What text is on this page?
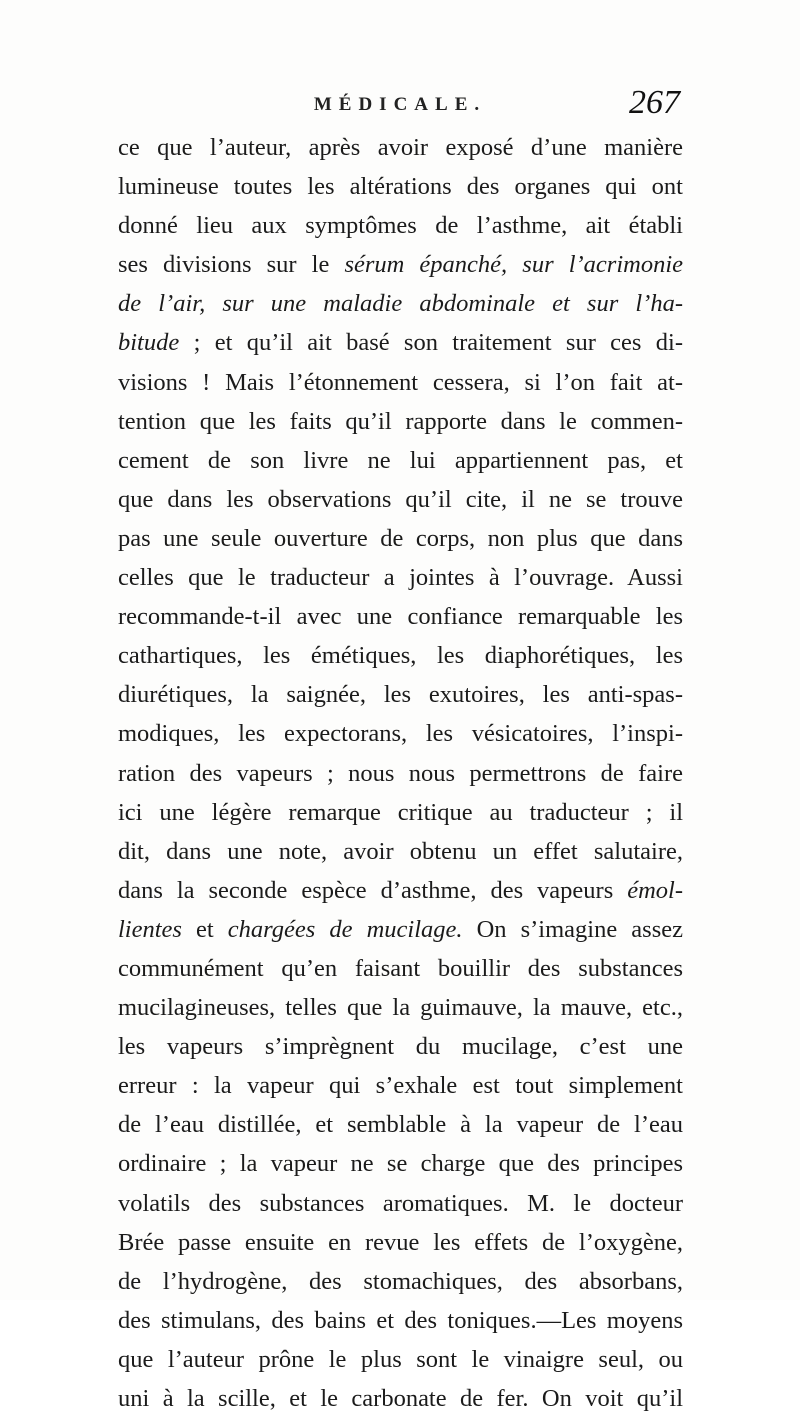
MÉDICALE.	267
ce que l’auteur, après avoir exposé d’une manière
lumineuse toutes les altérations des organes qui ont
donné lieu aux symptômes de l’asthme, ait établi
ses divisions sur le sérum épanché, sur l’acrimonie
de l’air, sur une maladie abdominale et sur l’ha-
bitude ; et qu’il ait basé son traitement sur ces di-
visions ! Mais l’étonnement cessera, si l’on fait at-
tention que les faits qu’il rapporte dans le commen-
cement de son livre ne lui appartiennent pas, et
que dans les observations qu’il cite, il ne se trouve
pas une seule ouverture de corps, non plus que dans
celles que le traducteur a jointes à l’ouvrage. Aussi
recommande-t-il avec une confiance remarquable les
cathartiques, les émétiques, les diaphorétiques, les
diurétiques, la saignée, les exutoires, les anti-spas-
modiques, les expectorans, les vésicatoires, l’inspi-
ration des vapeurs ; nous nous permettrons de faire
ici une légère remarque critique au traducteur ; il
dit, dans une note, avoir obtenu un effet salutaire,
dans la seconde espèce d’asthme, des vapeurs émol-
lientes et chargées de mucilage. On s’imagine assez
communément qu’en faisant bouillir des substances
mucilagineuses, telles que la guimauve, la mauve, etc.,
les vapeurs s’imprègnent du mucilage, c’est une
erreur : la vapeur qui s’exhale est tout simplement
de l’eau distillée, et semblable à la vapeur de l’eau
ordinaire ; la vapeur ne se charge que des principes
volatils des substances aromatiques. M. le docteur
Brée passe ensuite en revue les effets de l’oxygène,
de l’hydrogène, des stomachiques, des absorbans,
des stimulans, des bains et des toniques.—Les moyens
que l’auteur prône le plus sont le vinaigre seul, ou
uni à la scille, et le carbonate de fer. On voit qu’il
